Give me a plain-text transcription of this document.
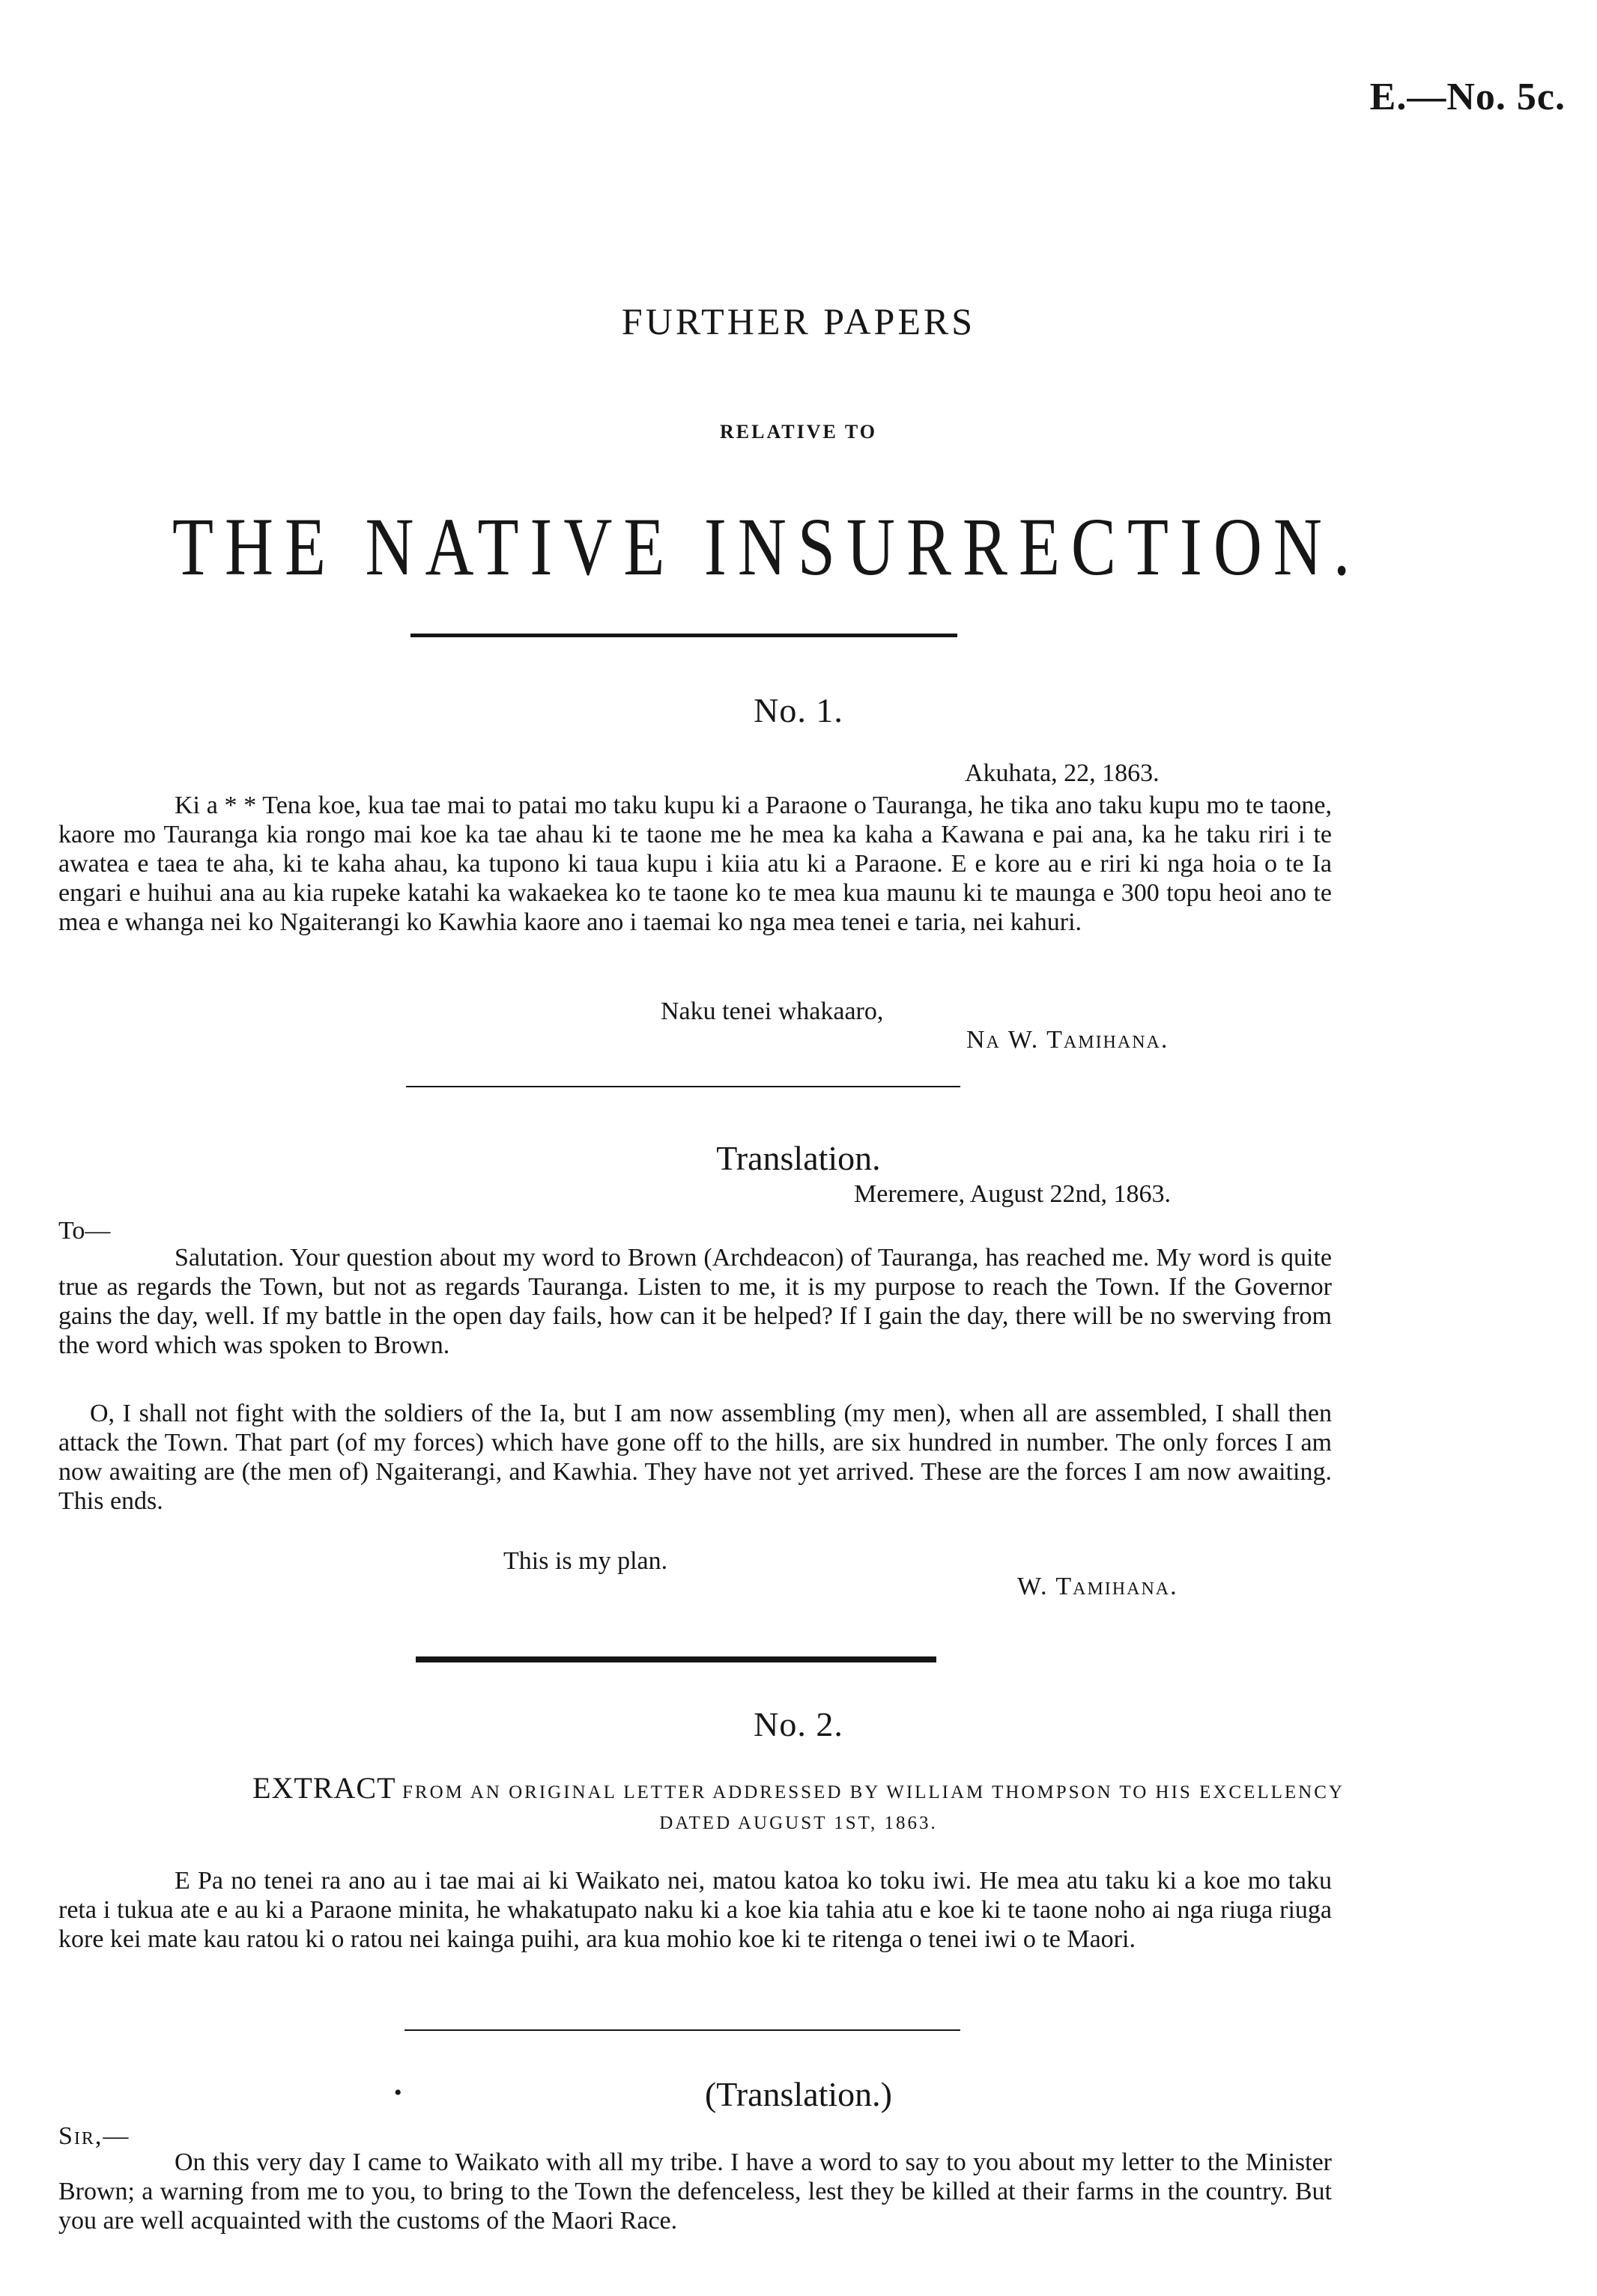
E.—No. 5c.
FURTHER PAPERS
RELATIVE TO
THE NATIVE INSURRECTION.
No. 1.
Akuhata, 22, 1863.
Ki a * * Tena koe, kua tae mai to patai mo taku kupu ki a Paraone o Tauranga, he tika ano taku kupu mo te taone, kaore mo Tauranga kia rongo mai koe ka tae ahau ki te taone me he mea ka kaha a Kawana e pai ana, ka he taku riri i te awatea e taea te aha, ki te kaha ahau, ka tupono ki taua kupu i kiia atu ki a Paraone. E e kore au e riri ki nga hoia o te Ia engari e huihui ana au kia rupeke katahi ka wakaekea ko te taone ko te mea kua maunu ki te maunga e 300 topu heoi ano te mea e whanga nei ko Ngaiterangi ko Kawhia kaore ano i taemai ko nga mea tenei e taria, nei kahuri.
Naku tenei whakaaro,
Na W. Tamihana.
Translation.
Meremere, August 22nd, 1863.
To—
Salutation. Your question about my word to Brown (Archdeacon) of Tauranga, has reached me. My word is quite true as regards the Town, but not as regards Tauranga. Listen to me, it is my purpose to reach the Town. If the Governor gains the day, well. If my battle in the open day fails, how can it be helped? If I gain the day, there will be no swerving from the word which was spoken to Brown.
O, I shall not fight with the soldiers of the Ia, but I am now assembling (my men), when all are assembled, I shall then attack the Town. That part (of my forces) which have gone off to the hills, are six hundred in number. The only forces I am now awaiting are (the men of) Ngaiterangi, and Kawhia. They have not yet arrived. These are the forces I am now awaiting. This ends.
This is my plan.
W. Tamihana.
No. 2.
EXTRACT FROM AN ORIGINAL LETTER ADDRESSED BY WILLIAM THOMPSON TO HIS EXCELLENCY
DATED AUGUST 1ST, 1863.
E Pa no tenei ra ano au i tae mai ai ki Waikato nei, matou katoa ko toku iwi. He mea atu taku ki a koe mo taku reta i tukua ate e au ki a Paraone minita, he whakatupato naku ki a koe kia tahia atu e koe ki te taone noho ai nga riuga riuga kore kei mate kau ratou ki o ratou nei kainga puihi, ara kua mohio koe ki te ritenga o tenei iwi o te Maori.
•	(Translation.)
Sir,—
On this very day I came to Waikato with all my tribe. I have a word to say to you about my letter to the Minister Brown; a warning from me to you, to bring to the Town the defenceless, lest they be killed at their farms in the country. But you are well acquainted with the customs of the Maori Race.
